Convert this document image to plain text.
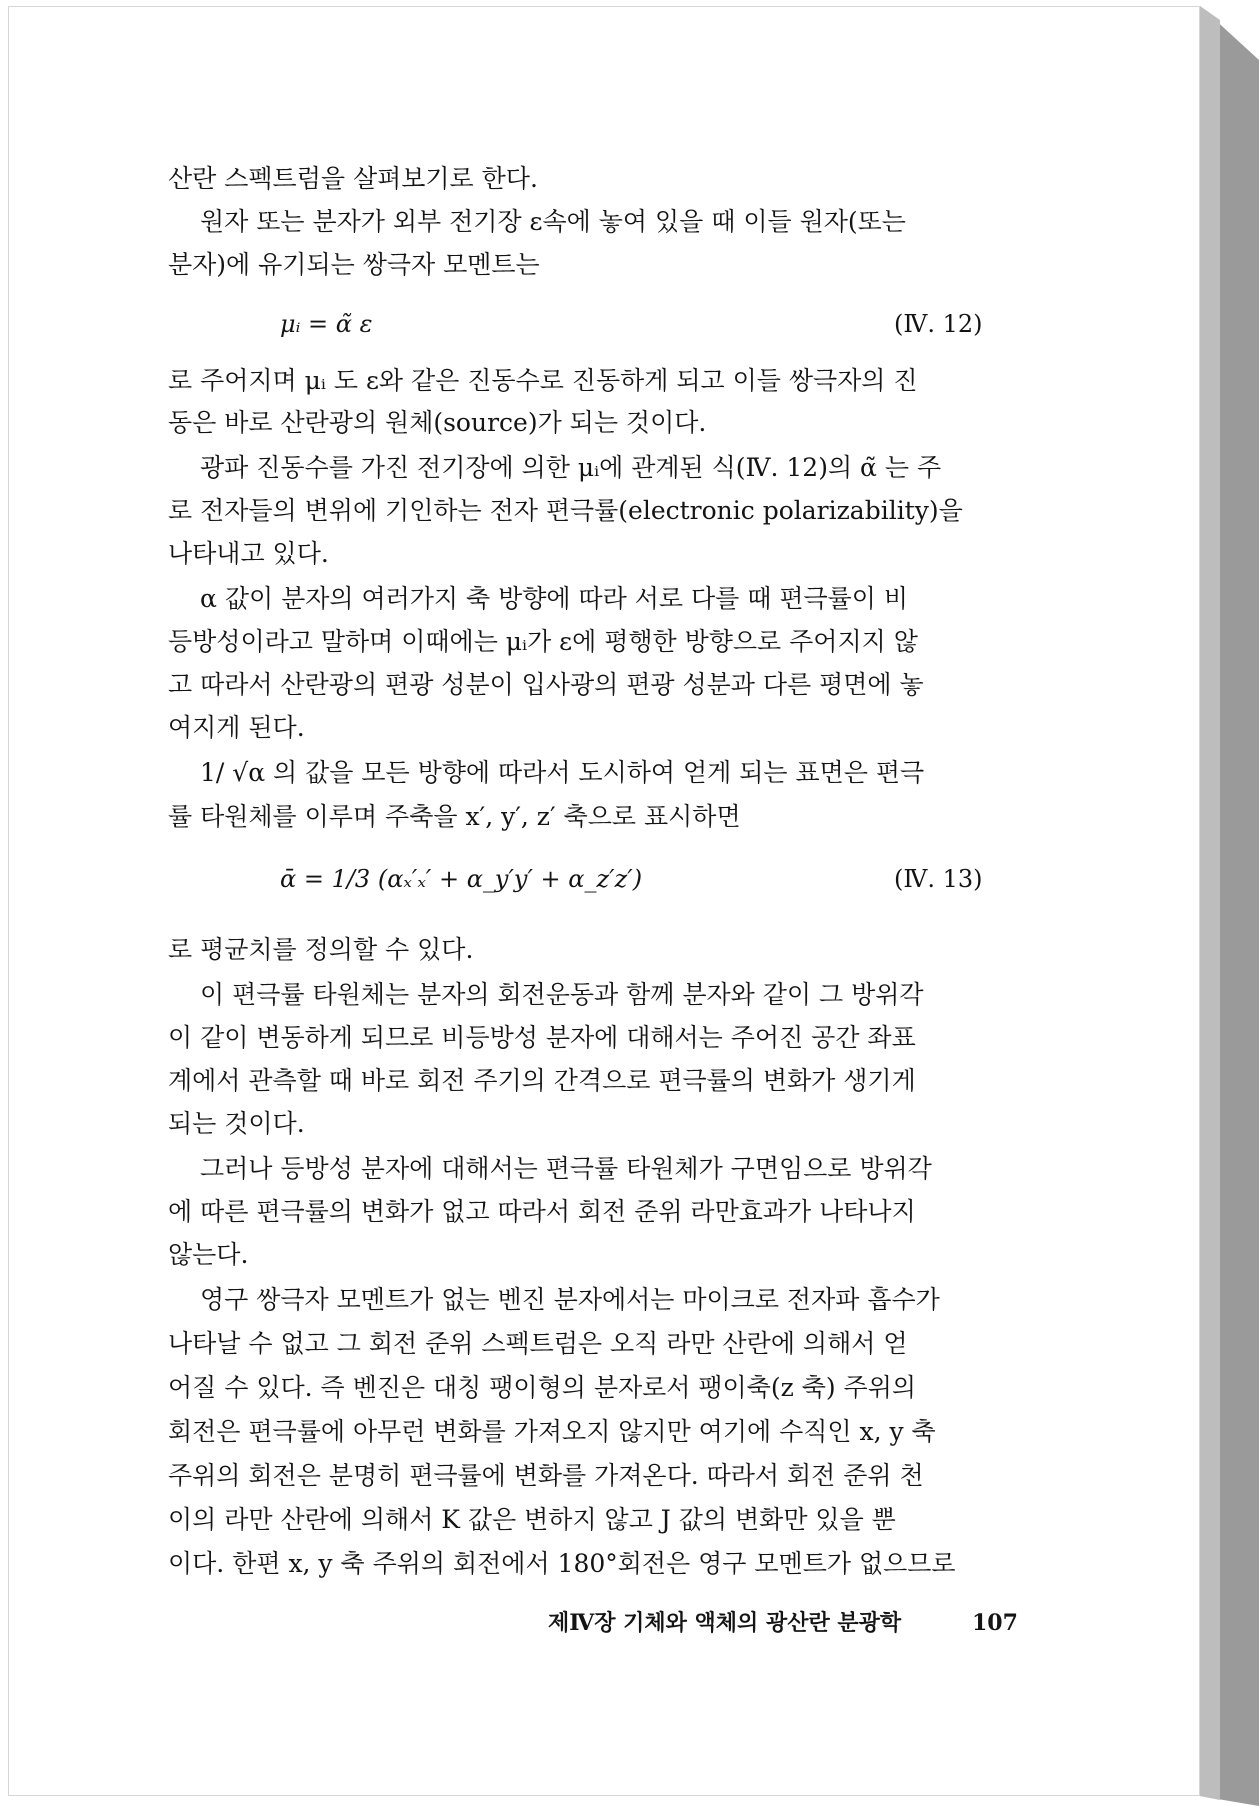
산란 스펙트럼을 살펴보기로 한다.
원자 또는 분자가 외부 전기장 ε속에 놓여 있을 때 이들 원자(또는
분자)에 유기되는 쌍극자 모멘트는
μᵢ = α̃ ε	(Ⅳ. 12)
로 주어지며 μᵢ 도 ε와 같은 진동수로 진동하게 되고 이들 쌍극자의 진
동은 바로 산란광의 원체(source)가 되는 것이다.
광파 진동수를 가진 전기장에 의한 μᵢ에 관계된 식(Ⅳ. 12)의 α̃ 는 주
로 전자들의 변위에 기인하는 전자 편극률(electronic polarizability)을
나타내고 있다.
α 값이 분자의 여러가지 축 방향에 따라 서로 다를 때 편극률이 비
등방성이라고 말하며 이때에는 μᵢ가 ε에 평행한 방향으로 주어지지 않
고 따라서 산란광의 편광 성분이 입사광의 편광 성분과 다른 평면에 놓
여지게 된다.
1/ √α 의 값을 모든 방향에 따라서 도시하여 얻게 되는 표면은 편극
률 타원체를 이루며 주축을 x′, y′, z′ 축으로 표시하면
ᾱ = 1/3 (αₓ′ₓ′ + α_y′y′ + α_z′z′)	(Ⅳ. 13)
로 평균치를 정의할 수 있다.
이 편극률 타원체는 분자의 회전운동과 함께 분자와 같이 그 방위각
이 같이 변동하게 되므로 비등방성 분자에 대해서는 주어진 공간 좌표
계에서 관측할 때 바로 회전 주기의 간격으로 편극률의 변화가 생기게
되는 것이다.
그러나 등방성 분자에 대해서는 편극률 타원체가 구면임으로 방위각
에 따른 편극률의 변화가 없고 따라서 회전 준위 라만효과가 나타나지
않는다.
영구 쌍극자 모멘트가 없는 벤진 분자에서는 마이크로 전자파 흡수가
나타날 수 없고 그 회전 준위 스펙트럼은 오직 라만 산란에 의해서 얻
어질 수 있다. 즉 벤진은 대칭 팽이형의 분자로서 팽이축(z 축) 주위의
회전은 편극률에 아무런 변화를 가져오지 않지만 여기에 수직인 x, y 축
주위의 회전은 분명히 편극률에 변화를 가져온다. 따라서 회전 준위 천
이의 라만 산란에 의해서 K 값은 변하지 않고 J 값의 변화만 있을 뿐
이다. 한편 x, y 축 주위의 회전에서 180°회전은 영구 모멘트가 없으므로
제Ⅳ장 기체와 액체의 광산란 분광학	107
